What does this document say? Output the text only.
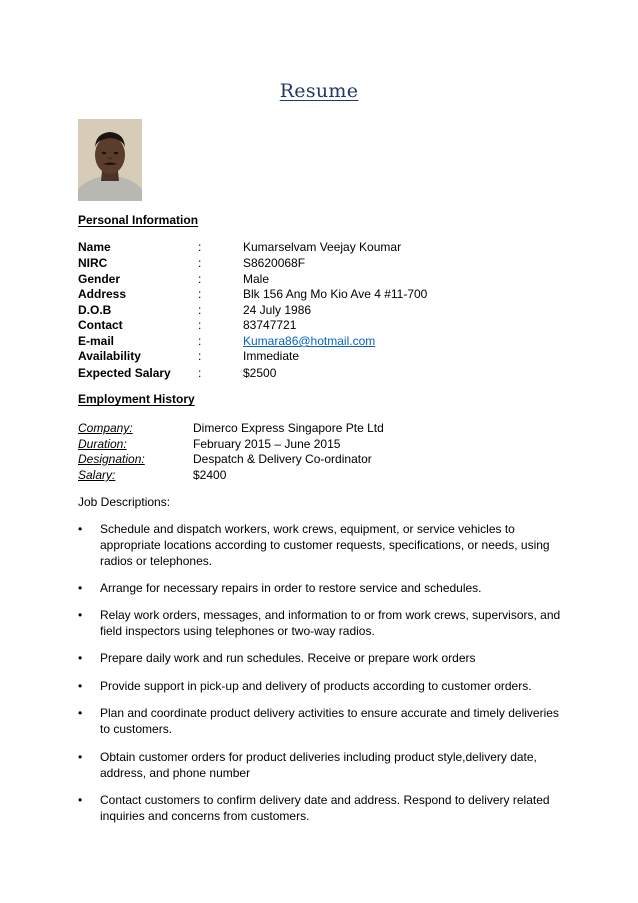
Resume
Personal Information
Name	:	Kumarselvam Veejay Koumar
NIRC	:	S8620068F
Gender	:	Male
Address	:	Blk 156 Ang Mo Kio Ave 4 #11-700
D.O.B	:	24 July 1986
Contact	:	83747721
E-mail	:	Kumara86@hotmail.com
Availability	:	Immediate
Expected Salary :	$2500
Employment History
Company:	Dimerco Express Singapore Pte Ltd
Duration:	February 2015 – June 2015
Designation:	Despatch & Delivery Co-ordinator
Salary:	$2400
Job Descriptions:
• Schedule and dispatch workers, work crews, equipment, or service vehicles to appropriate locations according to customer requests, specifications, or needs, using radios or telephones.
• Arrange for necessary repairs in order to restore service and schedules.
• Relay work orders, messages, and information to or from work crews, supervisors, and field inspectors using telephones or two-way radios.
• Prepare daily work and run schedules. Receive or prepare work orders
• Provide support in pick-up and delivery of products according to customer orders.
• Plan and coordinate product delivery activities to ensure accurate and timely deliveries to customers.
• Obtain customer orders for product deliveries including product style,delivery date, address, and phone number
• Contact customers to confirm delivery date and address. Respond to delivery related inquiries and concerns from customers.
